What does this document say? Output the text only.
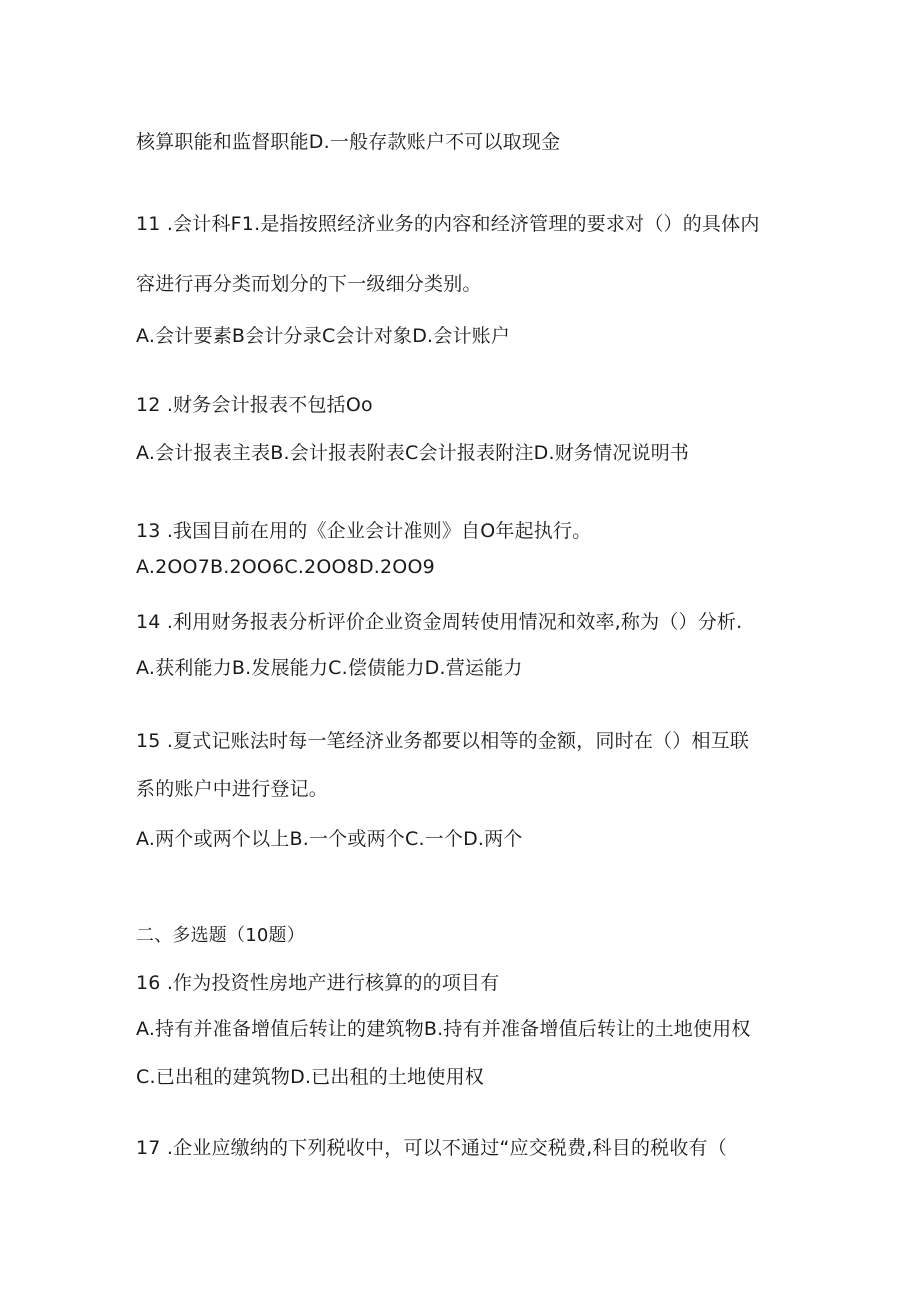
核算职能和监督职能D.一般存款账户不可以取现金
11 .会计科F1.是指按照经济业务的内容和经济管理的要求对（）的具体内
容进行再分类而划分的下一级细分类别。
A.会计要素B会计分录C会计对象D.会计账户
12 .财务会计报表不包括Oo
A.会计报表主表B.会计报表附表C会计报表附注D.财务情况说明书
13 .我国目前在用的《企业会计准则》自O年起执行。
A.2OO7B.2OO6C.2OO8D.2OO9
14 .利用财务报表分析评价企业资金周转使用情况和效率,称为（）分析.
A.获利能力B.发展能力C.偿债能力D.营运能力
15 .夏式记账法时每一笔经济业务都要以相等的金额，同时在（）相互联
系的账户中进行登记。
A.两个或两个以上B.一个或两个C.一个D.两个
二、多选题（10题）
16 .作为投资性房地产进行核算的的项目有
A.持有并准备增值后转让的建筑物B.持有并准备增值后转让的土地使用权
C.已出租的建筑物D.已出租的土地使用权
17 .企业应缴纳的下列税收中，可以不通过“应交税费,科目的税收有（
